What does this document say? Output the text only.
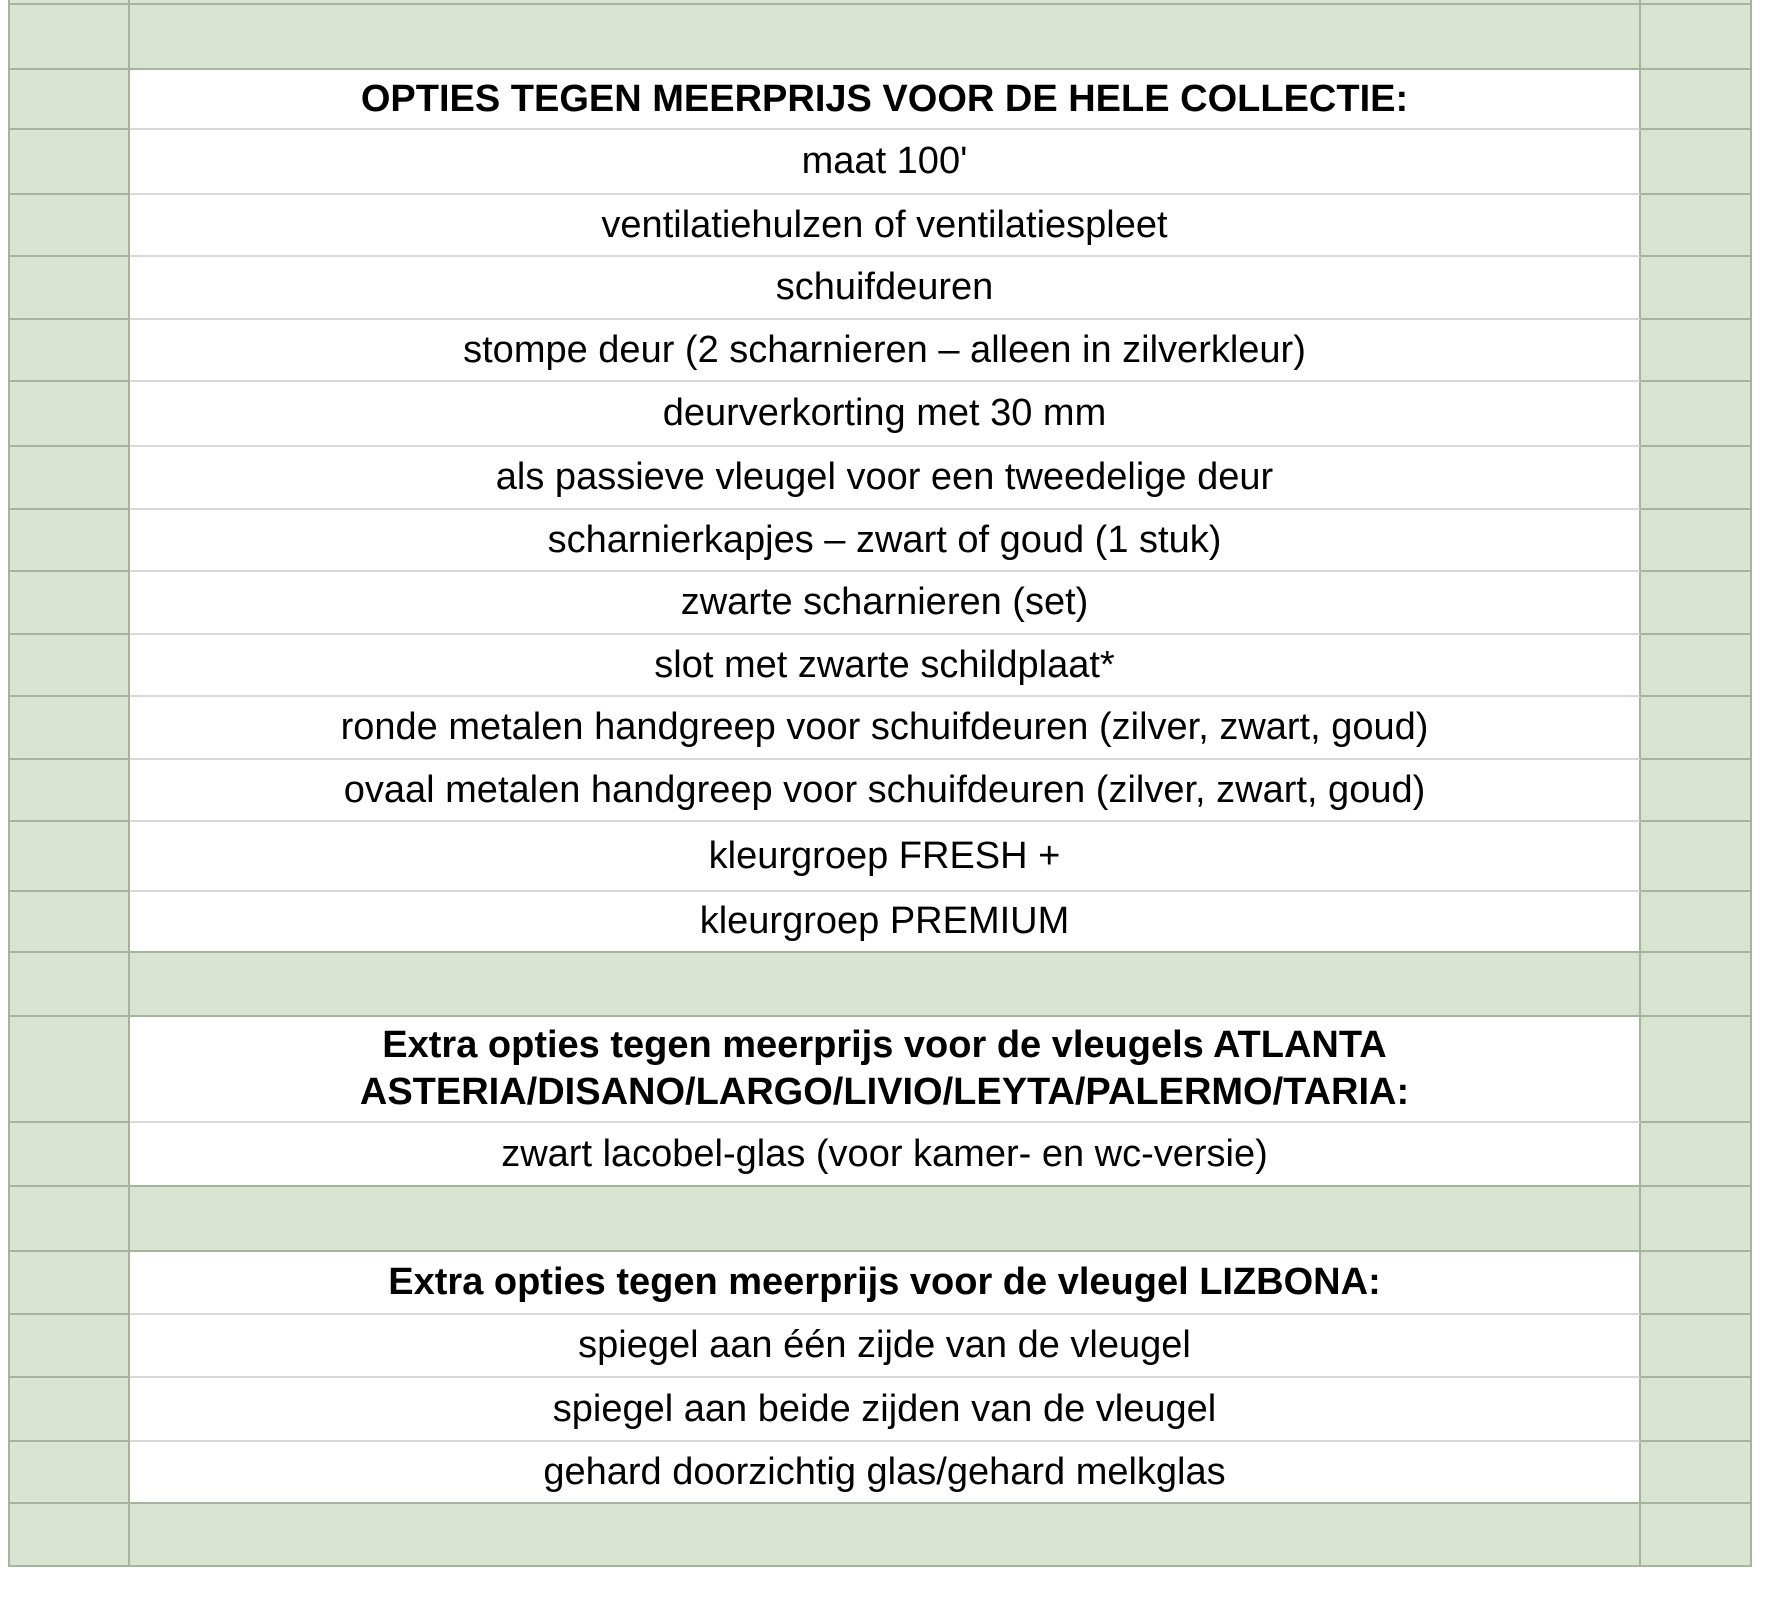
OPTIES TEGEN MEERPRIJS VOOR DE HELE COLLECTIE:
maat 100'
ventilatiehulzen of ventilatiespleet
schuifdeuren
stompe deur (2 scharnieren – alleen in zilverkleur)
deurverkorting met 30 mm
als passieve vleugel voor een tweedelige deur
scharnierkapjes – zwart of goud (1 stuk)
zwarte scharnieren (set)
slot met zwarte schildplaat*
ronde metalen handgreep voor schuifdeuren (zilver, zwart, goud)
ovaal metalen handgreep voor schuifdeuren (zilver, zwart, goud)
kleurgroep FRESH +
kleurgroep PREMIUM
Extra opties tegen meerprijs voor de vleugels ATLANTA ASTERIA/DISANO/LARGO/LIVIO/LEYTA/PALERMO/TARIA:
zwart lacobel-glas (voor kamer- en wc-versie)
Extra opties tegen meerprijs voor de vleugel LIZBONA:
spiegel aan één zijde van de vleugel
spiegel aan beide zijden van de vleugel
gehard doorzichtig glas/gehard melkglas
